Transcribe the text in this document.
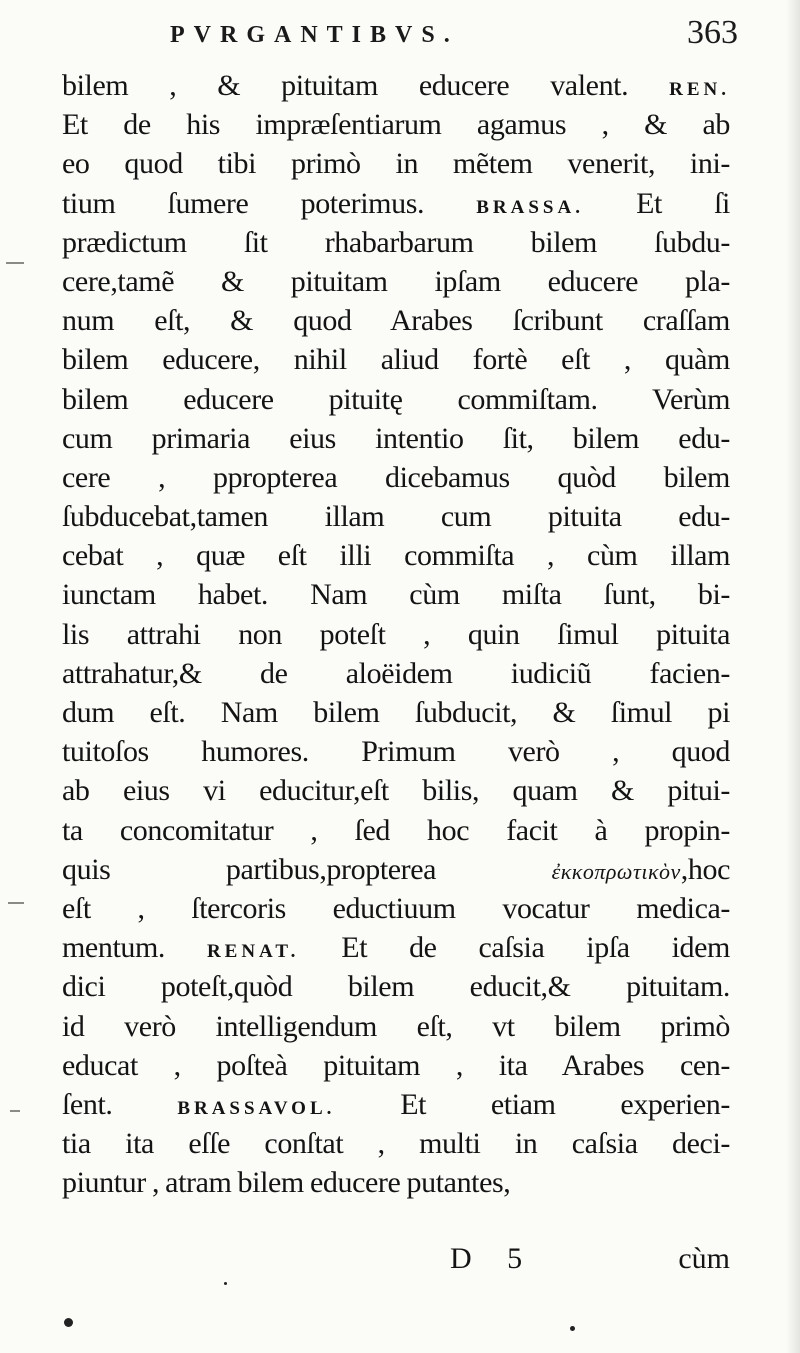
PVRGANTIBVS.	363
bilem , & pituitam educere valent. REN.
Et de his impræſentiarum agamus , & ab
eo quod tibi primò in mẽtem venerit, ini-
tium ſumere poterimus. BRASSA. Et ſi
prædictum ſit rhabarbarum bilem ſubdu-
cere,tamẽ & pituitam ipſam educere pla-
num eſt, & quod Arabes ſcribunt craſſam
bilem educere, nihil aliud fortè eſt , quàm
bilem educere pituitę commiſtam. Verùm
cum primaria eius intentio ſit, bilem edu-
cere , ppropterea dicebamus quòd bilem
ſubducebat,tamen illam cum pituita edu-
cebat , quæ eſt illi commiſta , cùm illam
iunctam habet. Nam cùm miſta ſunt, bi-
lis attrahi non poteſt , quin ſimul pituita
attrahatur,& de aloëidem iudiciũ facien-
dum eſt. Nam bilem ſubducit, & ſimul pi
tuitoſos humores. Primum verò , quod
ab eius vi educitur,eſt bilis, quam & pitui-
ta concomitatur , ſed hoc facit à propin-
quis partibus,propterea ἐκκοπρωτικὸν,hoc
eſt , ſtercoris eductiuum vocatur medica-
mentum. RENAT. Et de caſsia ipſa idem
dici poteſt,quòd bilem educit,& pituitam.
id verò intelligendum eſt, vt bilem primò
educat , poſteà pituitam , ita Arabes cen-
ſent. BRASSAVOL. Et etiam experien-
tia ita eſſe conſtat , multi in caſsia deci-
piuntur , atram bilem educere putantes,
D 5	cùm
